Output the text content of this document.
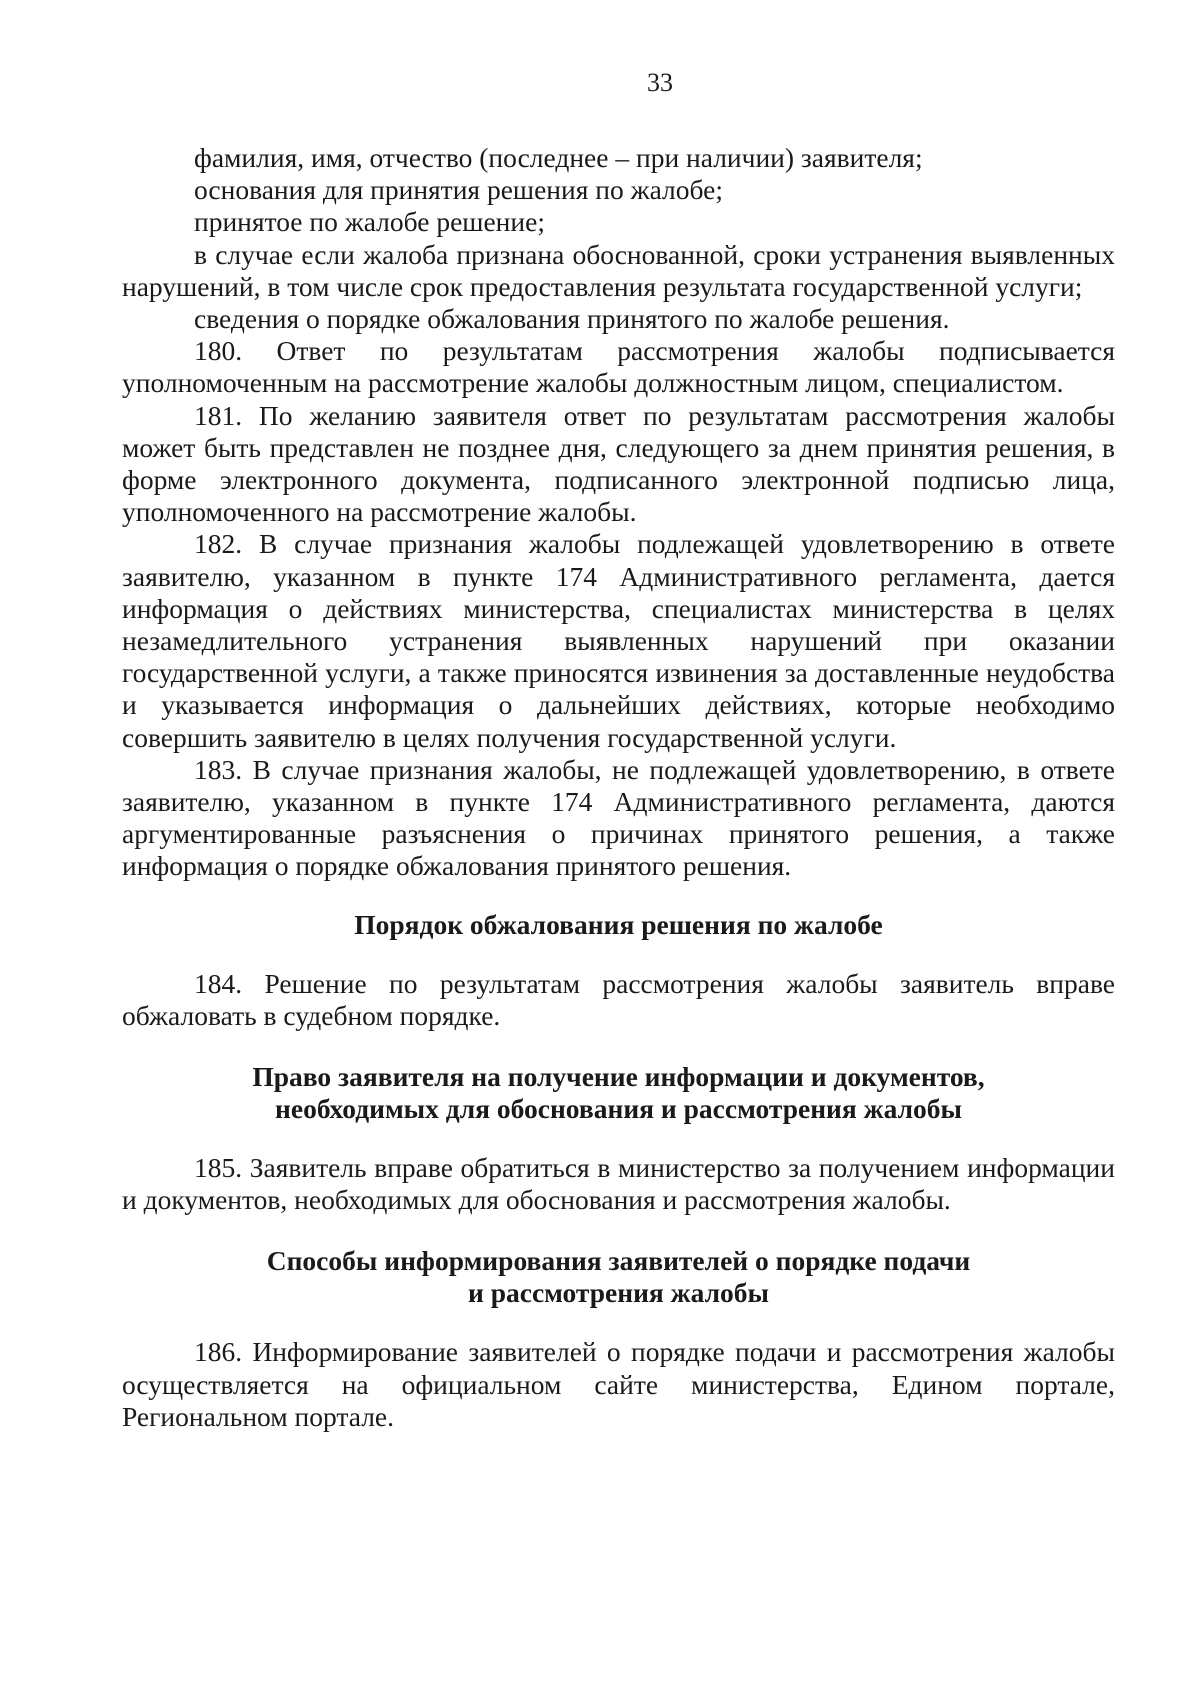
33

фамилия, имя, отчество (последнее – при наличии) заявителя;

основания для принятия решения по жалобе;

принятое по жалобе решение;

в случае если жалоба признана обоснованной, сроки устранения выявленных нарушений, в том числе срок предоставления результата государственной услуги;

сведения о порядке обжалования принятого по жалобе решения.

180. Ответ по результатам рассмотрения жалобы подписывается уполномоченным на рассмотрение жалобы должностным лицом, специалистом.

181. По желанию заявителя ответ по результатам рассмотрения жалобы может быть представлен не позднее дня, следующего за днем принятия решения, в форме электронного документа, подписанного электронной подписью лица, уполномоченного на рассмотрение жалобы.

182. В случае признания жалобы подлежащей удовлетворению в ответе заявителю, указанном в пункте 174 Административного регламента, дается информация о действиях министерства, специалистах министерства в целях незамедлительного устранения выявленных нарушений при оказании государственной услуги, а также приносятся извинения за доставленные неудобства и указывается информация о дальнейших действиях, которые необходимо совершить заявителю в целях получения государственной услуги.

183. В случае признания жалобы, не подлежащей удовлетворению, в ответе заявителю, указанном в пункте 174 Административного регламента, даются аргументированные разъяснения о причинах принятого решения, а также информация о порядке обжалования принятого решения.

Порядок обжалования решения по жалобе

184. Решение по результатам рассмотрения жалобы заявитель вправе обжаловать в судебном порядке.

Право заявителя на получение информации и документов,

необходимых для обоснования и рассмотрения жалобы

185. Заявитель вправе обратиться в министерство за получением информации и документов, необходимых для обоснования и рассмотрения жалобы.

Способы информирования заявителей о порядке подачи

и рассмотрения жалобы

186. Информирование заявителей о порядке подачи и рассмотрения жалобы осуществляется на официальном сайте министерства, Едином портале, Региональном портале.
